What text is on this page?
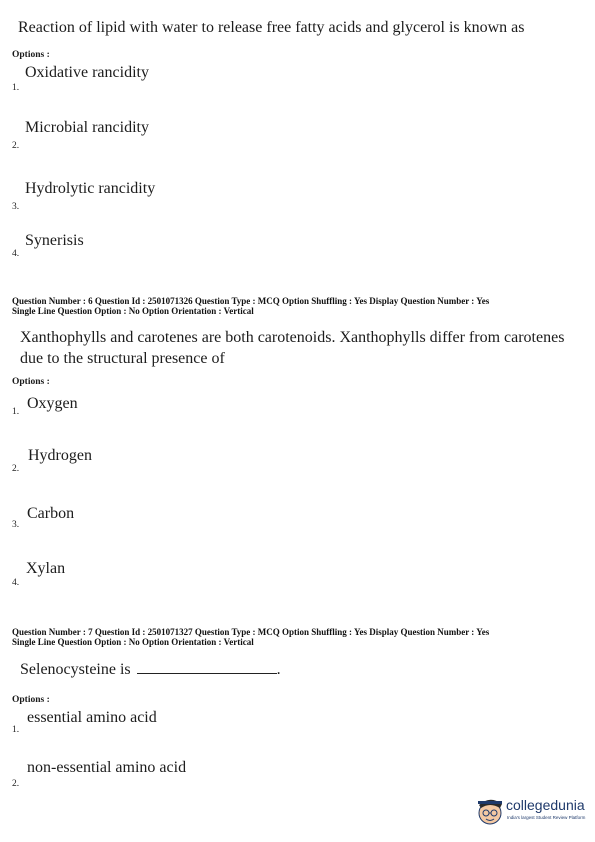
Reaction of lipid with water to release free fatty acids and glycerol is known as
Options :
Oxidative rancidity
1.
Microbial rancidity
2.
Hydrolytic rancidity
3.
Synerisis
4.
Question Number : 6 Question Id : 2501071326 Question Type : MCQ Option Shuffling : Yes Display Question Number : Yes
Single Line Question Option : No Option Orientation : Vertical
Xanthophylls and carotenes are both carotenoids. Xanthophylls differ from carotenes due to the structural presence of
Options :
Oxygen
1.
Hydrogen
2.
Carbon
3.
Xylan
4.
Question Number : 7 Question Id : 2501071327 Question Type : MCQ Option Shuffling : Yes Display Question Number : Yes
Single Line Question Option : No Option Orientation : Vertical
Selenocysteine is	.
Options :
essential amino acid
1.
non-essential amino acid
2.
collegedunia
India's largest Student Review Platform
